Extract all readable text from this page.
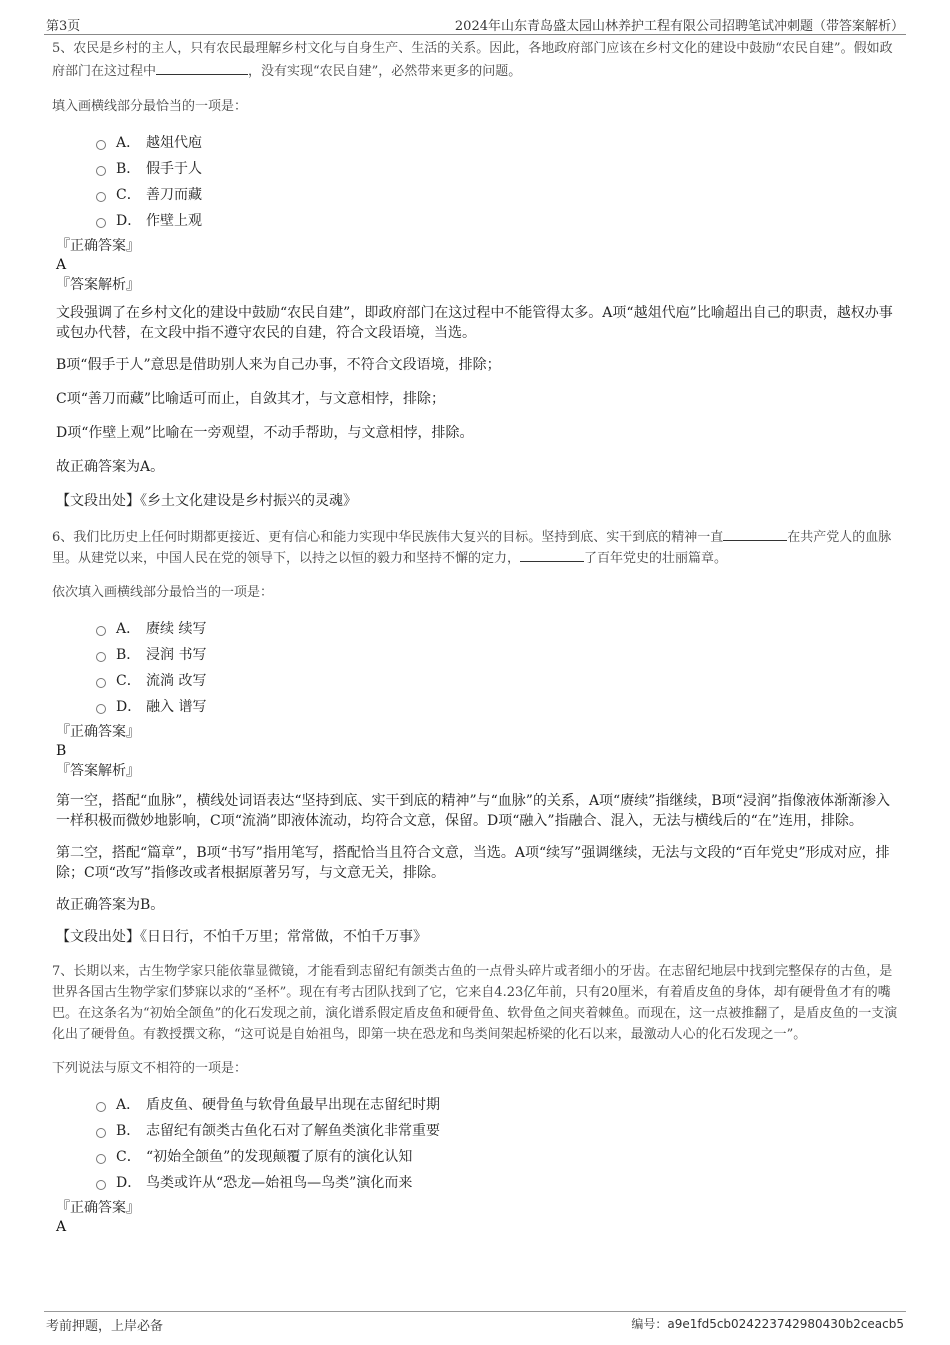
第3页	2024年山东青岛盛太园山林养护工程有限公司招聘笔试冲刺题（带答案解析）

5、农民是乡村的主人，只有农民最理解乡村文化与自身生产、生活的关系。因此，各地政府部门应该在乡村文化的建设中鼓励“农民自建”。假如政府部门在这过程中	，没有实现“农民自建”，必然带来更多的问题。

填入画横线部分最恰当的一项是：

A． 越俎代庖
B． 假手于人
C． 善刀而藏
D． 作壁上观

『正确答案』

A

『答案解析』

文段强调了在乡村文化的建设中鼓励“农民自建”，即政府部门在这过程中不能管得太多。A项“越俎代庖”比喻超出自己的职责，越权办事或包办代替，在文段中指不遵守农民的自建，符合文段语境，当选。

B项“假手于人”意思是借助别人来为自己办事，不符合文段语境，排除；

C项“善刀而藏”比喻适可而止，自敛其才，与文意相悖，排除；

D项“作壁上观”比喻在一旁观望，不动手帮助，与文意相悖，排除。

故正确答案为A。

【文段出处】《乡土文化建设是乡村振兴的灵魂》

6、我们比历史上任何时期都更接近、更有信心和能力实现中华民族伟大复兴的目标。坚持到底、实干到底的精神一直	在共产党人的血脉里。从建党以来，中国人民在党的领导下，以持之以恒的毅力和坚持不懈的定力，	了百年党史的壮丽篇章。

依次填入画横线部分最恰当的一项是：

A． 赓续 续写
B． 浸润 书写
C． 流淌 改写
D． 融入 谱写

『正确答案』

B

『答案解析』

第一空，搭配“血脉”，横线处词语表达“坚持到底、实干到底的精神”与“血脉”的关系，A项“赓续”指继续，B项“浸润”指像液体渐渐渗入一样积极而微妙地影响，C项“流淌”即液体流动，均符合文意，保留。D项“融入”指融合、混入，无法与横线后的“在”连用，排除。

第二空，搭配“篇章”，B项“书写”指用笔写，搭配恰当且符合文意，当选。A项“续写”强调继续，无法与文段的“百年党史”形成对应，排除；C项“改写”指修改或者根据原著另写，与文意无关，排除。

故正确答案为B。

【文段出处】《日日行，不怕千万里；常常做，不怕千万事》

7、长期以来，古生物学家只能依靠显微镜，才能看到志留纪有颌类古鱼的一点骨头碎片或者细小的牙齿。在志留纪地层中找到完整保存的古鱼，是世界各国古生物学家们梦寐以求的“圣杯”。现在有考古团队找到了它，它来自4.23亿年前，只有20厘米，有着盾皮鱼的身体，却有硬骨鱼才有的嘴巴。在这条名为“初始全颌鱼”的化石发现之前，演化谱系假定盾皮鱼和硬骨鱼、软骨鱼之间夹着棘鱼。而现在，这一点被推翻了，是盾皮鱼的一支演化出了硬骨鱼。有教授撰文称，“这可说是自始祖鸟，即第一块在恐龙和鸟类间架起桥梁的化石以来，最激动人心的化石发现之一”。

下列说法与原文不相符的一项是：

A． 盾皮鱼、硬骨鱼与软骨鱼最早出现在志留纪时期
B． 志留纪有颌类古鱼化石对了解鱼类演化非常重要
C． “初始全颌鱼”的发现颠覆了原有的演化认知
D． 鸟类或许从“恐龙—始祖鸟—鸟类”演化而来

『正确答案』

A

考前押题，上岸必备	编号：a9e1fd5cb024223742980430b2ceacb5
